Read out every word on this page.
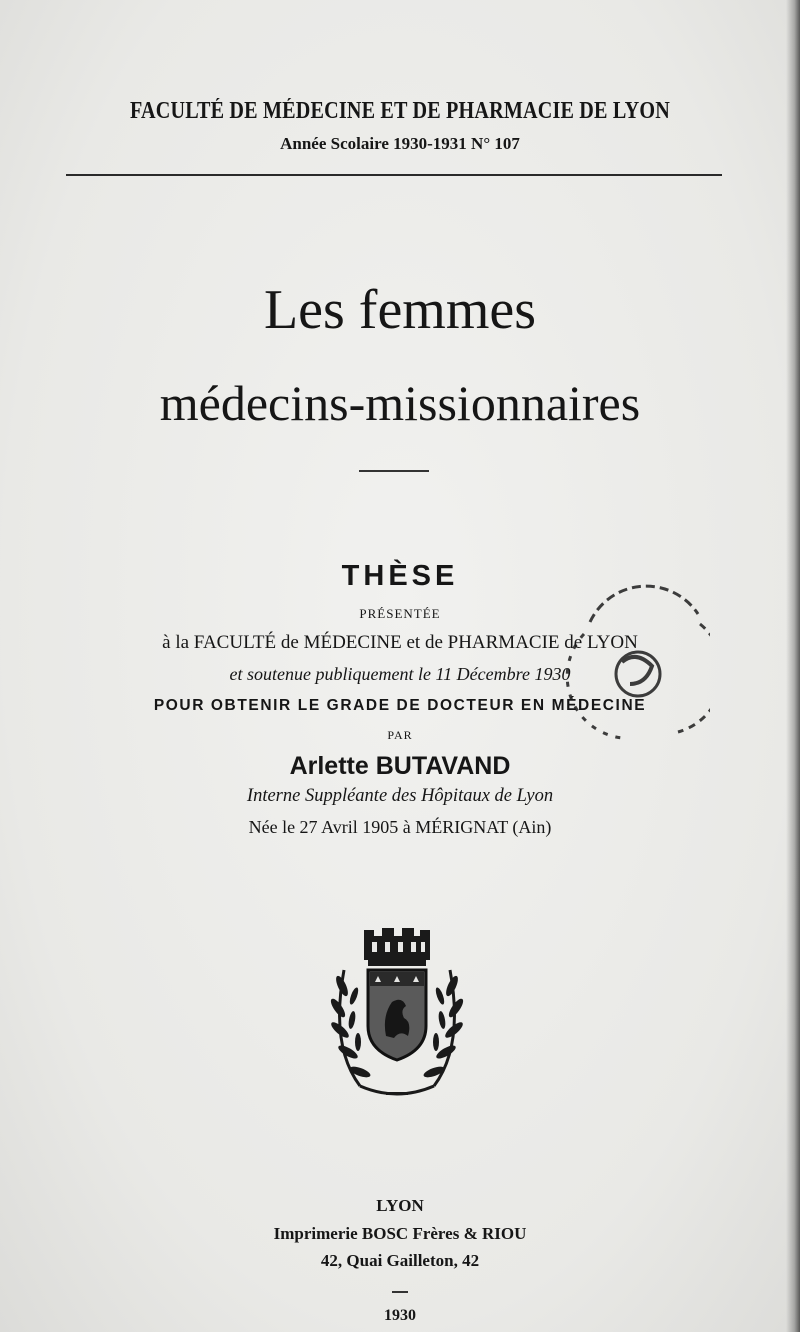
FACULTÉ DE MÉDECINE ET DE PHARMACIE DE LYON
Année Scolaire 1930-1931 N° 107
Les femmes
médecins-missionnaires
THÈSE
PRÉSENTÉE
à la FACULTÉ de MÉDECINE et de PHARMACIE de LYON
et soutenue publiquement le 11 Décembre 1930
POUR OBTENIR LE GRADE DE DOCTEUR EN MÉDECINE
PAR
Arlette BUTAVAND
Interne Suppléante des Hôpitaux de Lyon
Née le 27 Avril 1905 à MÉRIGNAT (Ain)
LYON
Imprimerie BOSC Frères & RIOU
42, Quai Gailleton, 42
1930
